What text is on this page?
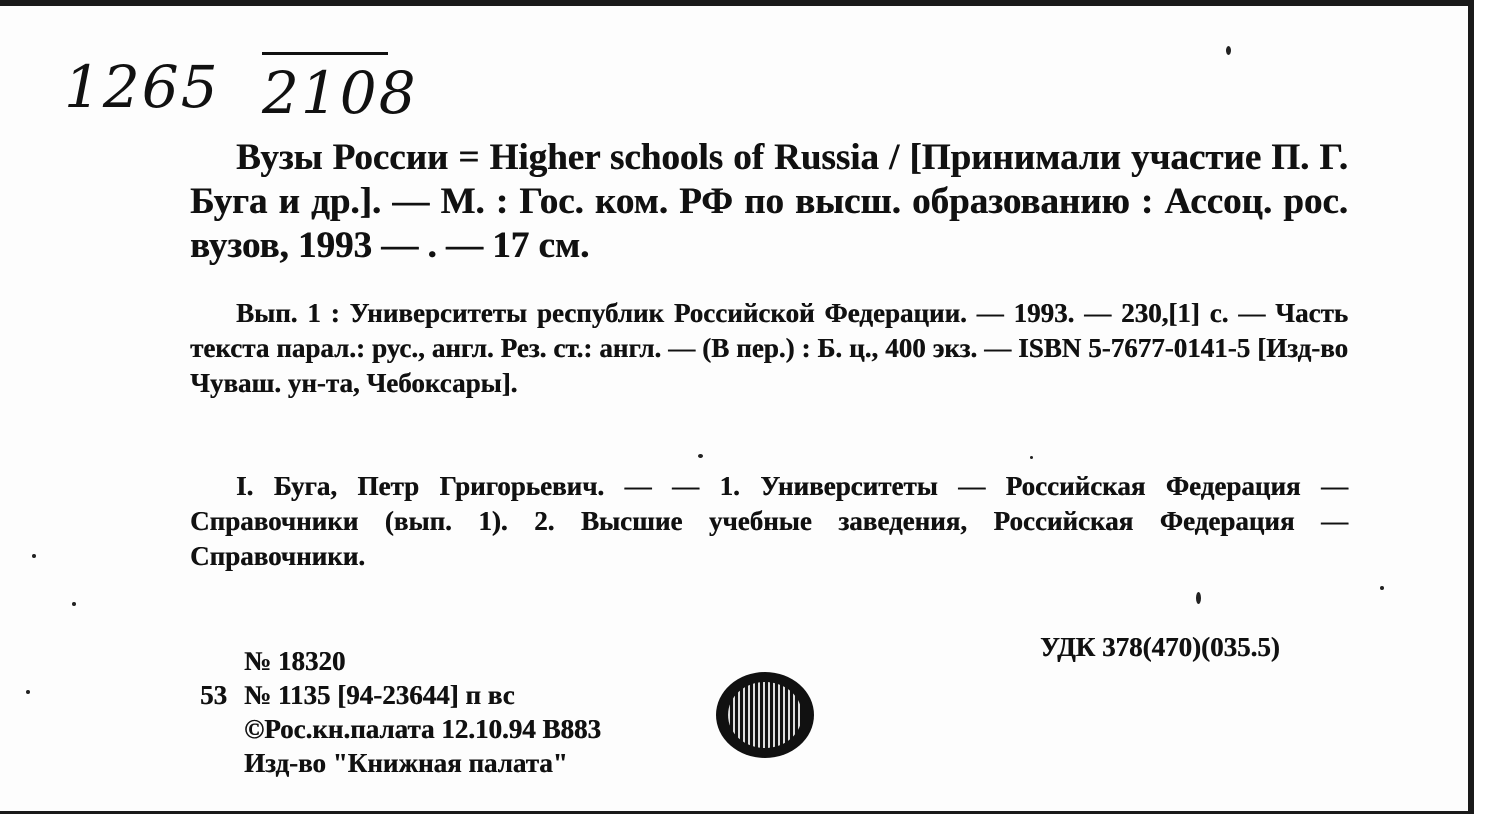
1265 2108

Вузы России = Higher schools of Russia / [Принимали участие П. Г. Буга и др.]. — М. : Гос. ком. РФ по высш. образованию : Ассоц. рос. вузов, 1993 — . — 17 см.

Вып. 1 : Университеты республик Российской Федерации. — 1993. — 230,[1] с. — Часть текста парал.: рус., англ. Рез. ст.: англ. — (В пер.) : Б. ц., 400 экз. — ISBN 5-7677-0141-5 [Изд-во Чуваш. ун-та, Чебоксары].

I. Буга, Петр Григорьевич. — — 1. Университеты — Российская Федерация — Справочники (вып. 1). 2. Высшие учебные заведения, Российская Федерация — Справочники.

УДК 378(470)(035.5)

№ 18320

53 № 1135 [94-23644] п вс

©Рос.кн.палата 12.10.94 В883

Изд-во "Книжная палата"
